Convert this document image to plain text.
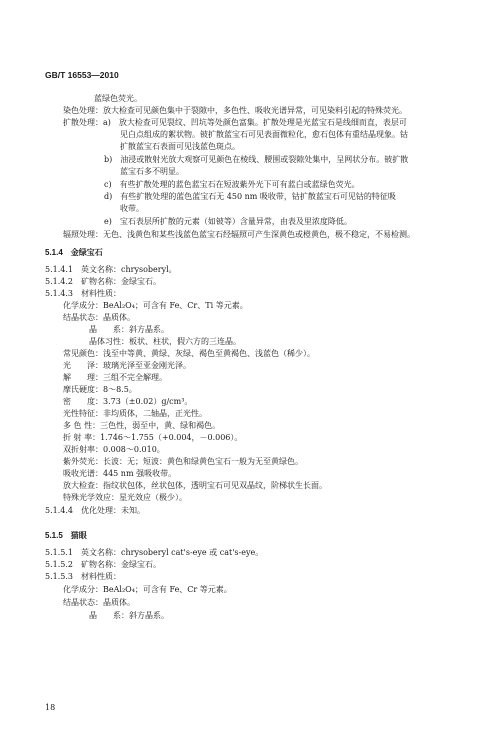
GB/T 16553—2010
蓝绿色荧光。
染色处理：放大检查可见颜色集中于裂隙中，多色性、吸收光谱异常，可见染料引起的特殊荧光。
扩散处理：a)　放大检查可见裂纹、凹坑等处颜色富集。扩散处理是光蓝宝石是线细而直，表层可
见白点组成的絮状物。铍扩散蓝宝石可见表面微粒化，愈石包体有重结晶现象。钴
扩散蓝宝石表面可见浅蓝色斑点。
b)　油浸或散射光放大观察可见颜色在棱线、腰围或裂隙处集中，呈网状分布。铍扩散
蓝宝石多不明显。
c)　有些扩散处理的蓝色蓝宝石在短波紫外光下可有蓝白或蓝绿色荧光。
d)　有些扩散处理的蓝色蓝宝石无 450 nm 吸收带，钴扩散蓝宝石可见钴的特征吸
收带。
e)　宝石表层所扩散的元素（如铍等）含量异常，由表及里浓度降低。
辐照处理：无色、浅黄色和某些浅蓝色蓝宝石经辐照可产生深黄色或橙黄色，极不稳定，不易检测。
5.1.4　金绿宝石
5.1.4.1　英文名称：chrysoberyl。
5.1.4.2　矿物名称：金绿宝石。
5.1.4.3　材料性质：
化学成分：BeAl₂O₄；可含有 Fe、Cr、Ti 等元素。
结晶状态：晶质体。
晶　　系：斜方晶系。
晶体习性：板状、柱状，假六方的三连晶。
常见颜色：浅至中等黄、黄绿、灰绿、褐色至黄褐色、浅蓝色（稀少）。
光　　泽：玻璃光泽至亚金刚光泽。
解　　理：三组不完全解理。
摩氏硬度：8～8.5。
密　　度：3.73（±0.02）g/cm³。
光性特征：非均质体，二轴晶，正光性。
多 色 性：三色性，弱至中，黄、绿和褐色。
折 射 率：1.746～1.755（+0.004，－0.006）。
双折射率：0.008～0.010。
紫外荧光：长波：无；短波：黄色和绿黄色宝石一般为无至黄绿色。
吸收光谱：445 nm 强吸收带。
放大检查：指纹状包体，丝状包体，透明宝石可见双晶纹，阶梯状生长面。
特殊光学效应：星光效应（极少）。
5.1.4.4　优化处理：未知。
5.1.5　猫眼
5.1.5.1　英文名称：chrysoberyl cat's-eye 或 cat's-eye。
5.1.5.2　矿物名称：金绿宝石。
5.1.5.3　材料性质：
化学成分：BeAl₂O₄；可含有 Fe、Cr 等元素。
结晶状态：晶质体。
晶　　系：斜方晶系。
18
